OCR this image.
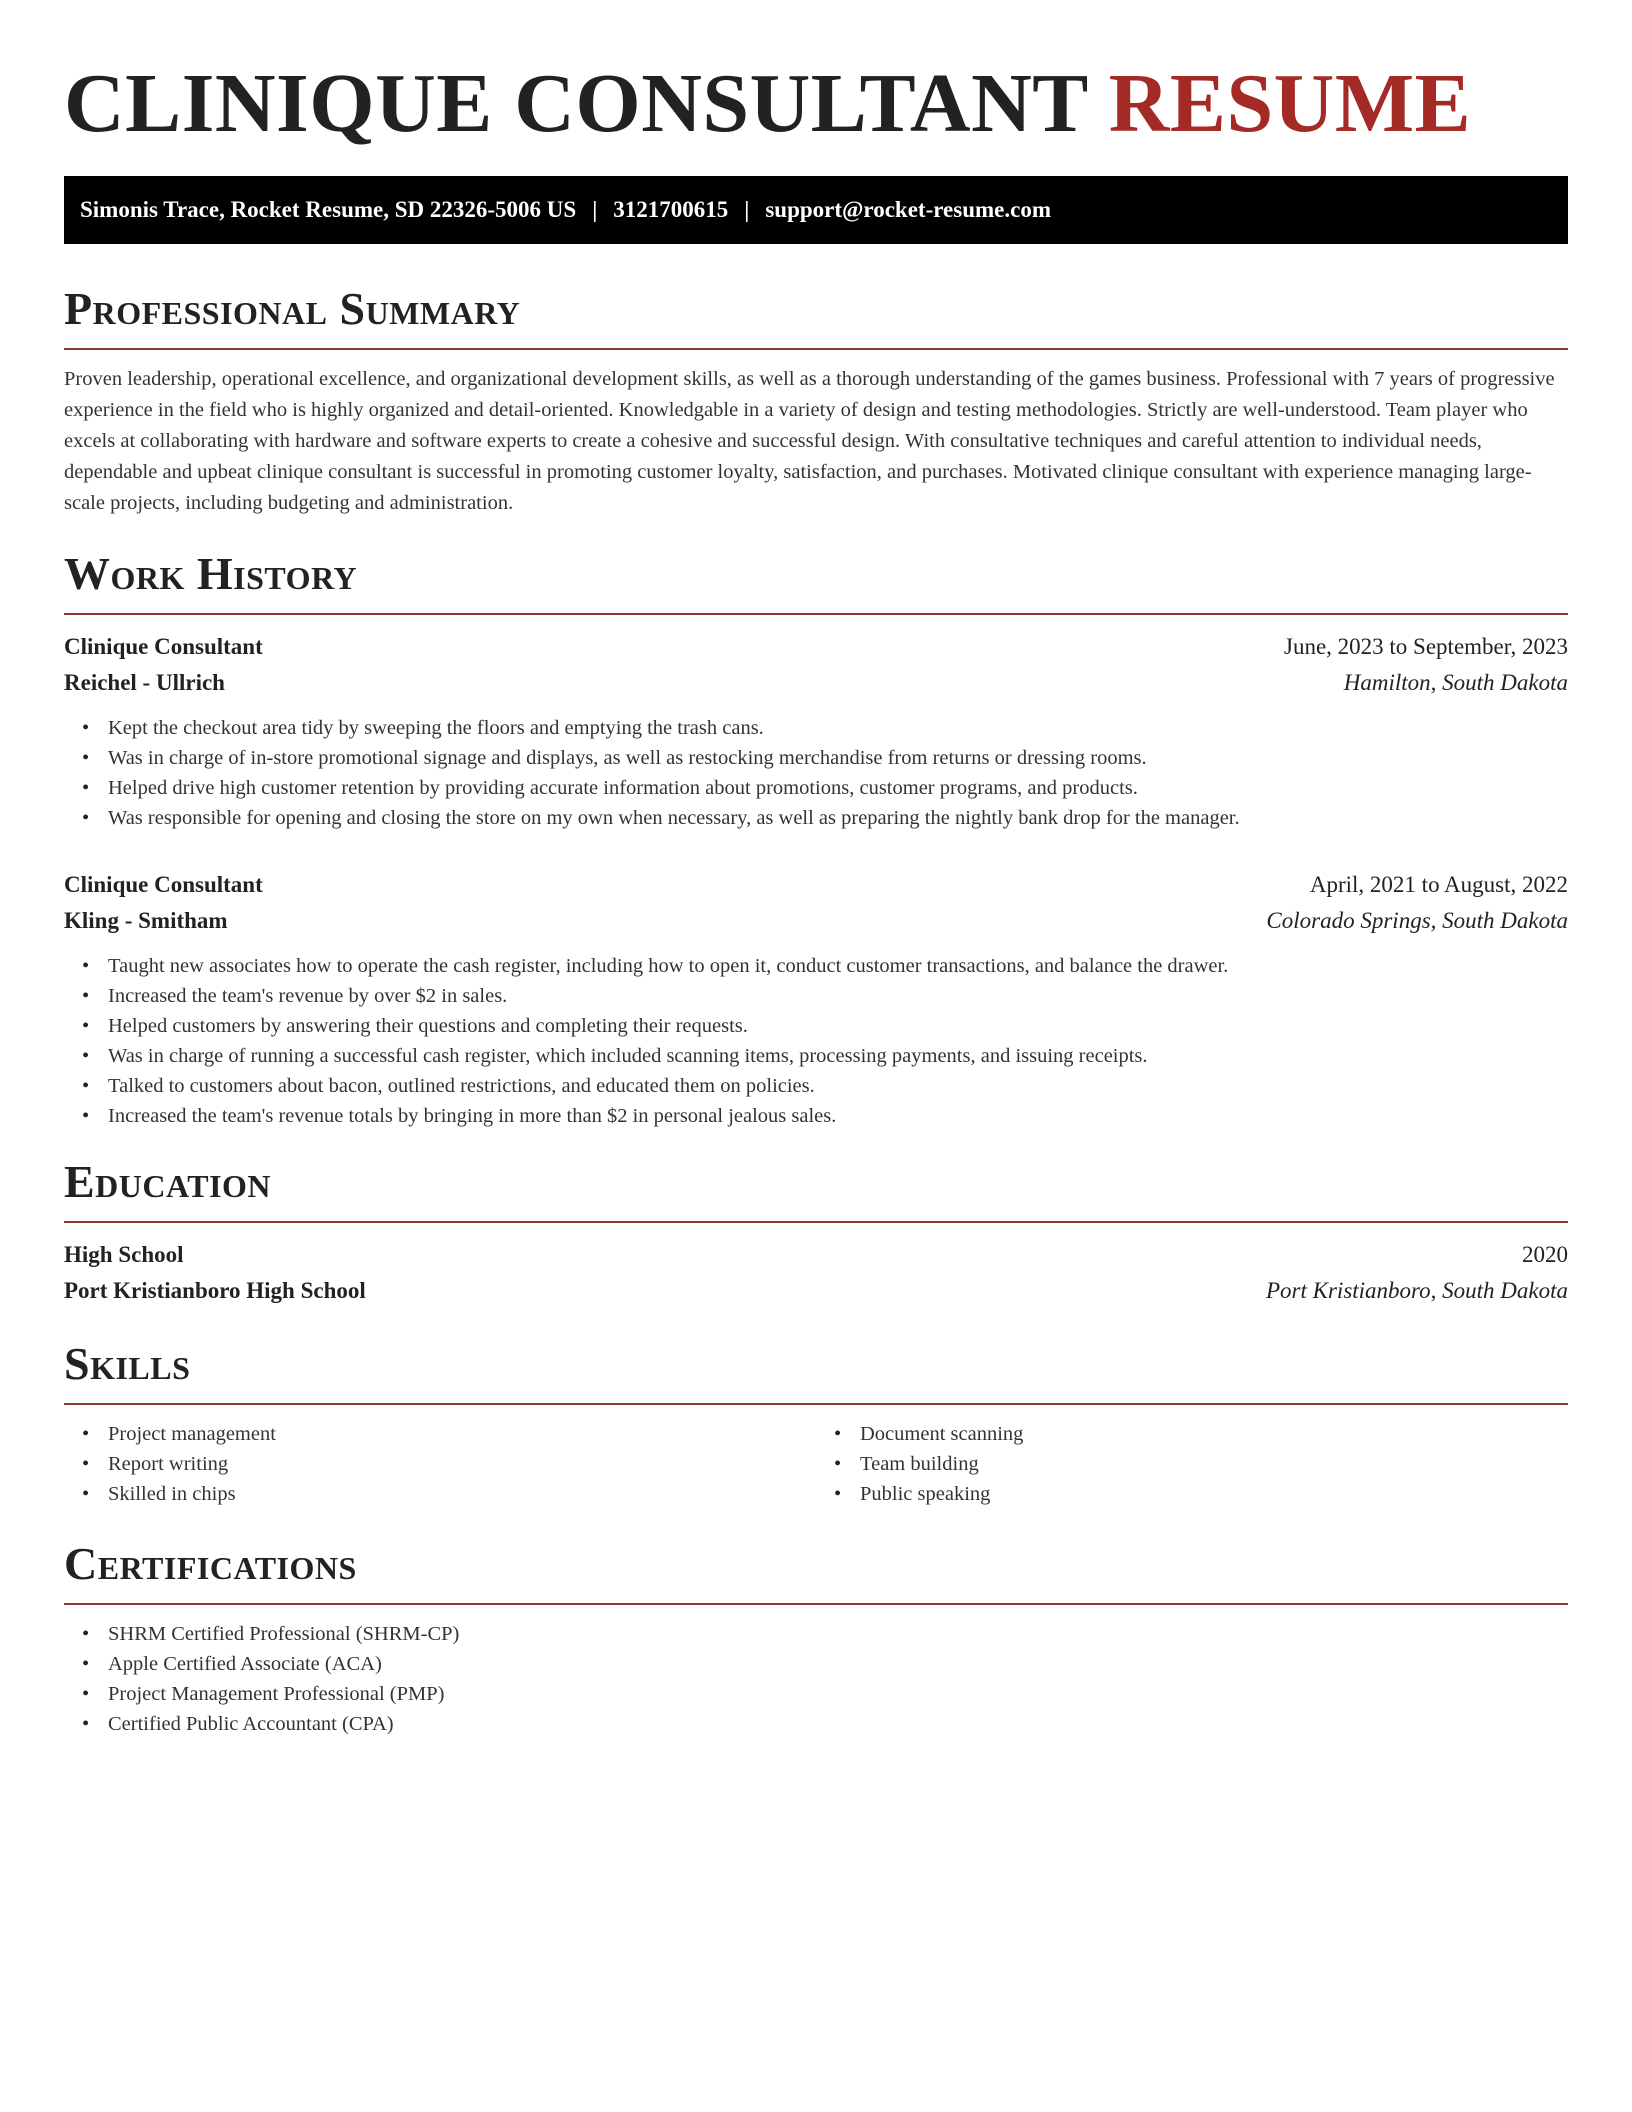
CLINIQUE CONSULTANT RESUME
Simonis Trace, Rocket Resume, SD 22326-5006 US | 3121700615 | support@rocket-resume.com
Professional Summary

Proven leadership, operational excellence, and organizational development skills, as well as a thorough understanding of the games business. Professional with 7 years of progressive experience in the field who is highly organized and detail-oriented. Knowledgable in a variety of design and testing methodologies. Strictly are well-understood. Team player who excels at collaborating with hardware and software experts to create a cohesive and successful design. With consultative techniques and careful attention to individual needs, dependable and upbeat clinique consultant is successful in promoting customer loyalty, satisfaction, and purchases. Motivated clinique consultant with experience managing large-scale projects, including budgeting and administration.

Work History
Clinique Consultant	June, 2023 to September, 2023
Reichel - Ullrich	Hamilton, South Dakota
• Kept the checkout area tidy by sweeping the floors and emptying the trash cans.
• Was in charge of in-store promotional signage and displays, as well as restocking merchandise from returns or dressing rooms.
• Helped drive high customer retention by providing accurate information about promotions, customer programs, and products.
• Was responsible for opening and closing the store on my own when necessary, as well as preparing the nightly bank drop for the manager.
Clinique Consultant	April, 2021 to August, 2022
Kling - Smitham	Colorado Springs, South Dakota
• Taught new associates how to operate the cash register, including how to open it, conduct customer transactions, and balance the drawer.
• Increased the team's revenue by over $2 in sales.
• Helped customers by answering their questions and completing their requests.
• Was in charge of running a successful cash register, which included scanning items, processing payments, and issuing receipts.
• Talked to customers about bacon, outlined restrictions, and educated them on policies.
• Increased the team's revenue totals by bringing in more than $2 in personal jealous sales.
Education
High School	2020
Port Kristianboro High School	Port Kristianboro, South Dakota
Skills
• Project management
• Report writing
• Skilled in chips
• Document scanning
• Team building
• Public speaking
Certifications
• SHRM Certified Professional (SHRM-CP)
• Apple Certified Associate (ACA)
• Project Management Professional (PMP)
• Certified Public Accountant (CPA)
